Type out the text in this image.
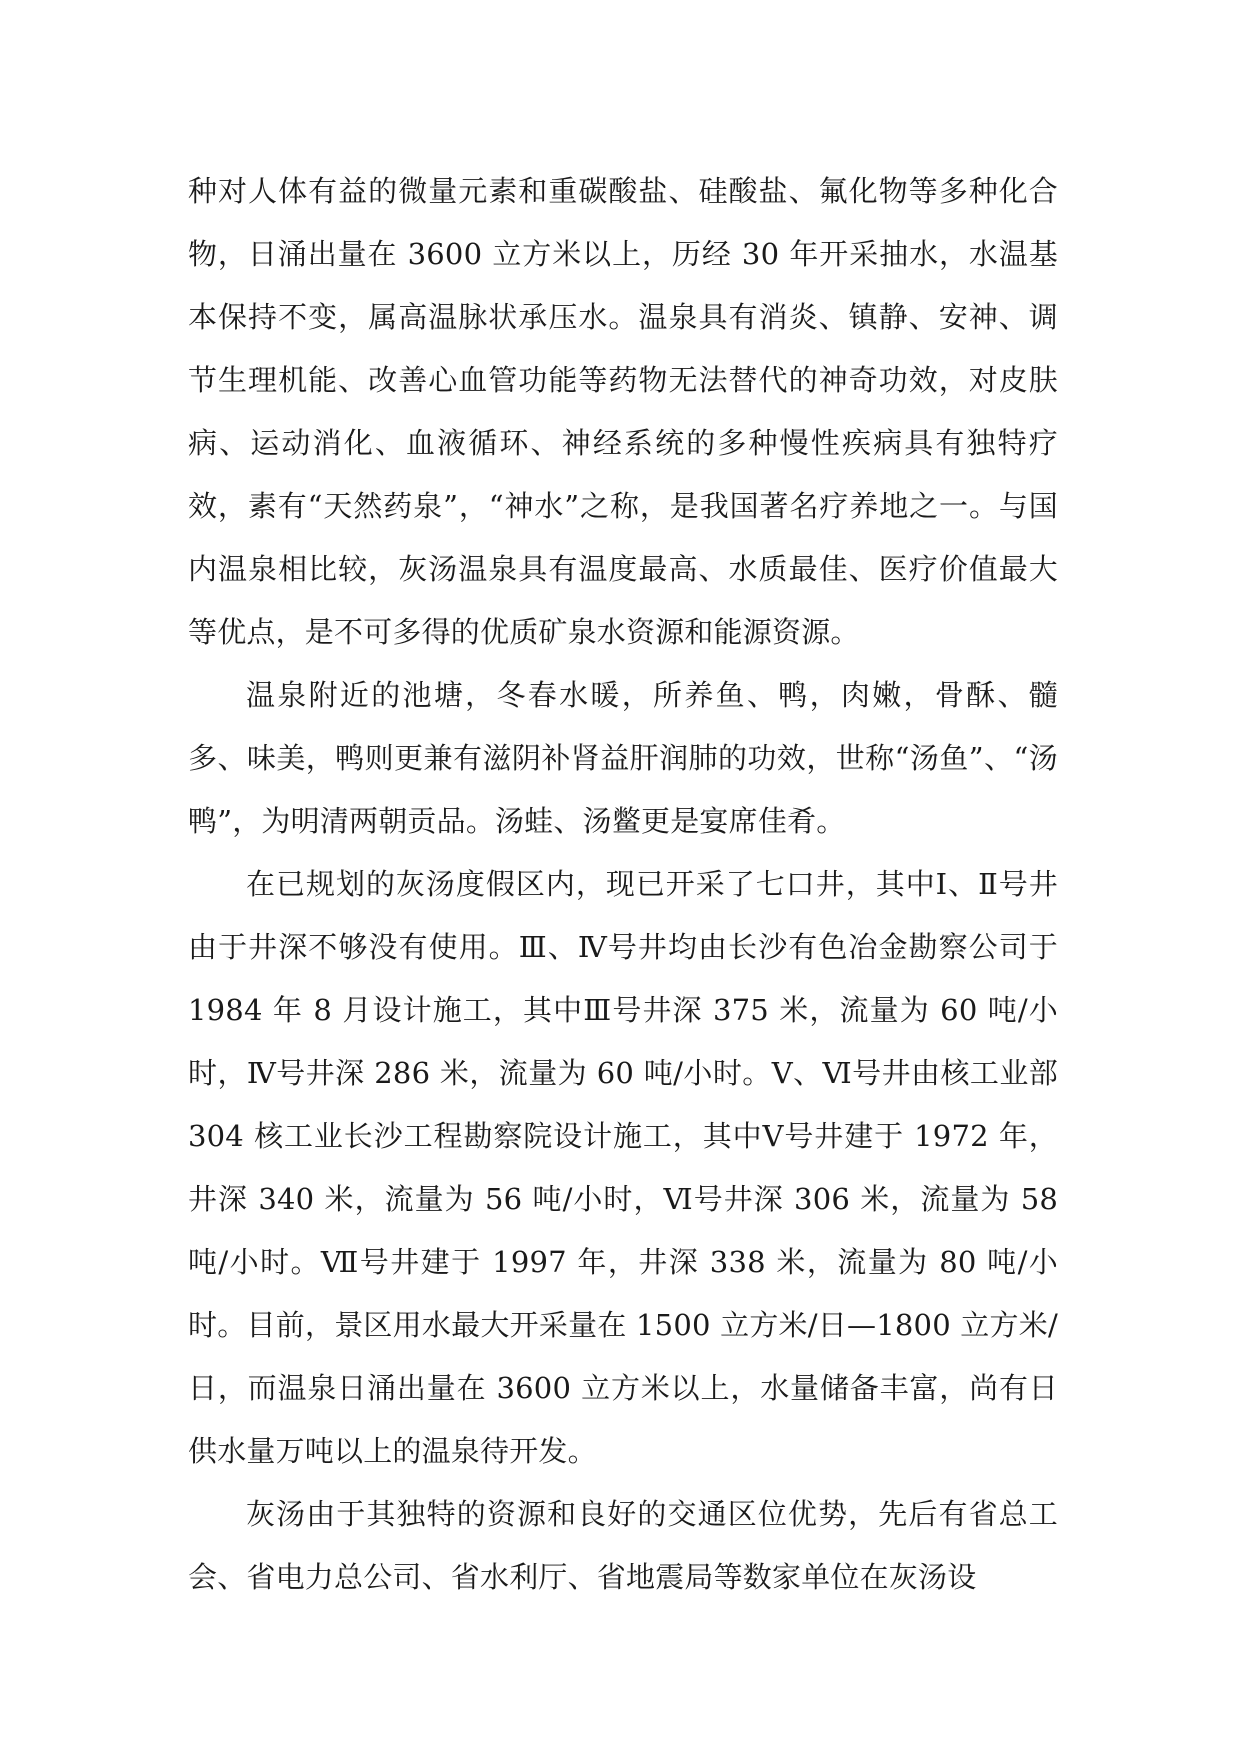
种对人体有益的微量元素和重碳酸盐、硅酸盐、氟化物等多种化合物，日涌出量在 3600 立方米以上，历经 30 年开采抽水，水温基本保持不变，属高温脉状承压水。温泉具有消炎、镇静、安神、调节生理机能、改善心血管功能等药物无法替代的神奇功效，对皮肤病、运动消化、血液循环、神经系统的多种慢性疾病具有独特疗效，素有“天然药泉”，“神水”之称，是我国著名疗养地之一。与国内温泉相比较，灰汤温泉具有温度最高、水质最佳、医疗价值最大等优点，是不可多得的优质矿泉水资源和能源资源。

温泉附近的池塘，冬春水暖，所养鱼、鸭，肉嫩，骨酥、髓多、味美，鸭则更兼有滋阴补肾益肝润肺的功效，世称“汤鱼”、“汤鸭”，为明清两朝贡品。汤蛙、汤鳖更是宴席佳肴。

在已规划的灰汤度假区内，现已开采了七口井，其中Ⅰ、Ⅱ号井由于井深不够没有使用。Ⅲ、Ⅳ号井均由长沙有色冶金勘察公司于 1984 年 8 月设计施工，其中Ⅲ号井深 375 米，流量为 60 吨/小时，Ⅳ号井深 286 米，流量为 60 吨/小时。Ⅴ、Ⅵ号井由核工业部 304 核工业长沙工程勘察院设计施工，其中Ⅴ号井建于 1972 年，井深 340 米，流量为 56 吨/小时，Ⅵ号井深 306 米，流量为 58 吨/小时。Ⅶ号井建于 1997 年，井深 338 米，流量为 80 吨/小时。目前，景区用水最大开采量在 1500 立方米/日—1800 立方米/日，而温泉日涌出量在 3600 立方米以上，水量储备丰富，尚有日供水量万吨以上的温泉待开发。

灰汤由于其独特的资源和良好的交通区位优势，先后有省总工会、省电力总公司、省水利厅、省地震局等数家单位在灰汤设
